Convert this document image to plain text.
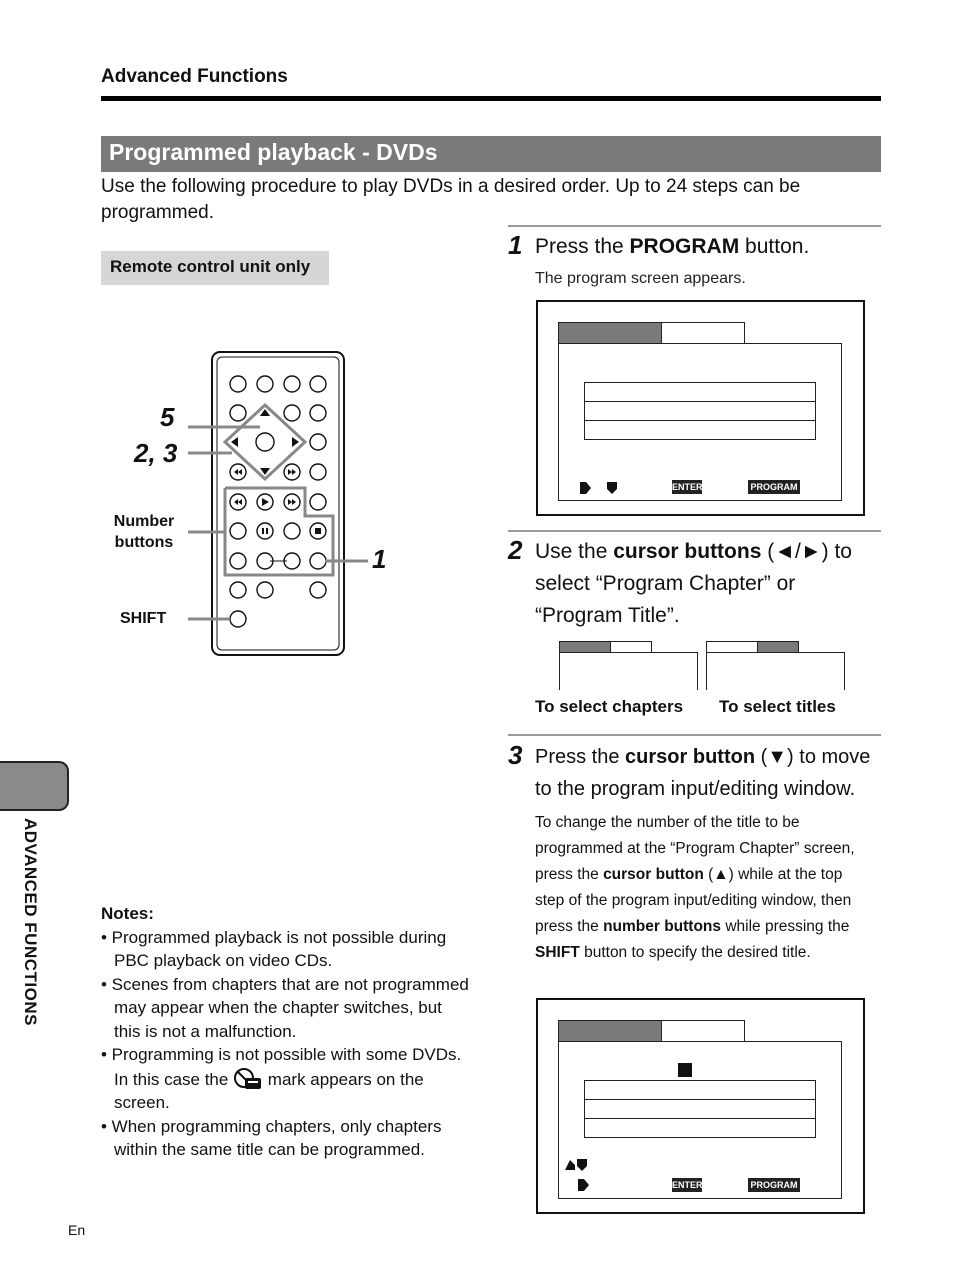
Advanced Functions
Programmed playback - DVDs
Use the following procedure to play DVDs in a desired order. Up to 24 steps can be programmed.
Remote control unit only
5
2, 3
1
Number buttons
SHIFT
ADVANCED FUNCTIONS
1 Press the PROGRAM button.
The program screen appears.
ENTER	PROGRAM
2 Use the cursor buttons (◄/►) to select “Program Chapter” or “Program Title”.
To select chapters To select titles
3 Press the cursor button (▼) to move to the program input/editing window.
To change the number of the title to be programmed at the “Program Chapter” screen, press the cursor button (▲) while at the top step of the program input/editing window, then press the number buttons while pressing the SHIFT button to specify the desired title.
ENTER	PROGRAM
Notes:
• Programmed playback is not possible during PBC playback on video CDs.
• Scenes from chapters that are not programmed may appear when the chapter switches, but this is not a malfunction.
• Programming is not possible with some DVDs. In this case the  mark appears on the screen.
• When programming chapters, only chapters within the same title can be programmed.
En
